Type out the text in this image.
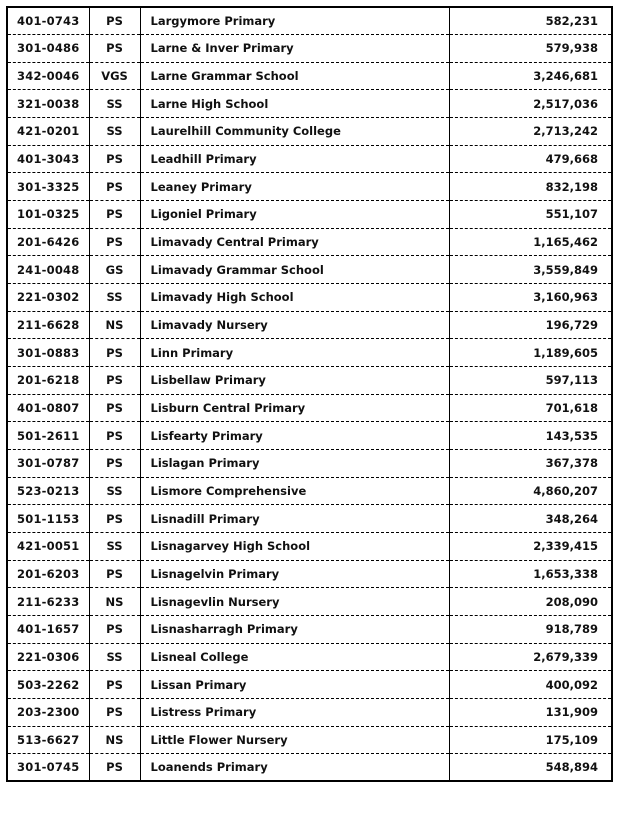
401-0743	PS	Largymore Primary	582,231
301-0486	PS	Larne & Inver Primary	579,938
342-0046	VGS	Larne Grammar School	3,246,681
321-0038	SS	Larne High School	2,517,036
421-0201	SS	Laurelhill Community College	2,713,242
401-3043	PS	Leadhill Primary	479,668
301-3325	PS	Leaney Primary	832,198
101-0325	PS	Ligoniel Primary	551,107
201-6426	PS	Limavady Central Primary	1,165,462
241-0048	GS	Limavady Grammar School	3,559,849
221-0302	SS	Limavady High School	3,160,963
211-6628	NS	Limavady Nursery	196,729
301-0883	PS	Linn Primary	1,189,605
201-6218	PS	Lisbellaw Primary	597,113
401-0807	PS	Lisburn Central Primary	701,618
501-2611	PS	Lisfearty Primary	143,535
301-0787	PS	Lislagan Primary	367,378
523-0213	SS	Lismore Comprehensive	4,860,207
501-1153	PS	Lisnadill Primary	348,264
421-0051	SS	Lisnagarvey High School	2,339,415
201-6203	PS	Lisnagelvin Primary	1,653,338
211-6233	NS	Lisnagevlin Nursery	208,090
401-1657	PS	Lisnasharragh Primary	918,789
221-0306	SS	Lisneal College	2,679,339
503-2262	PS	Lissan Primary	400,092
203-2300	PS	Listress Primary	131,909
513-6627	NS	Little Flower Nursery	175,109
301-0745	PS	Loanends Primary	548,894
